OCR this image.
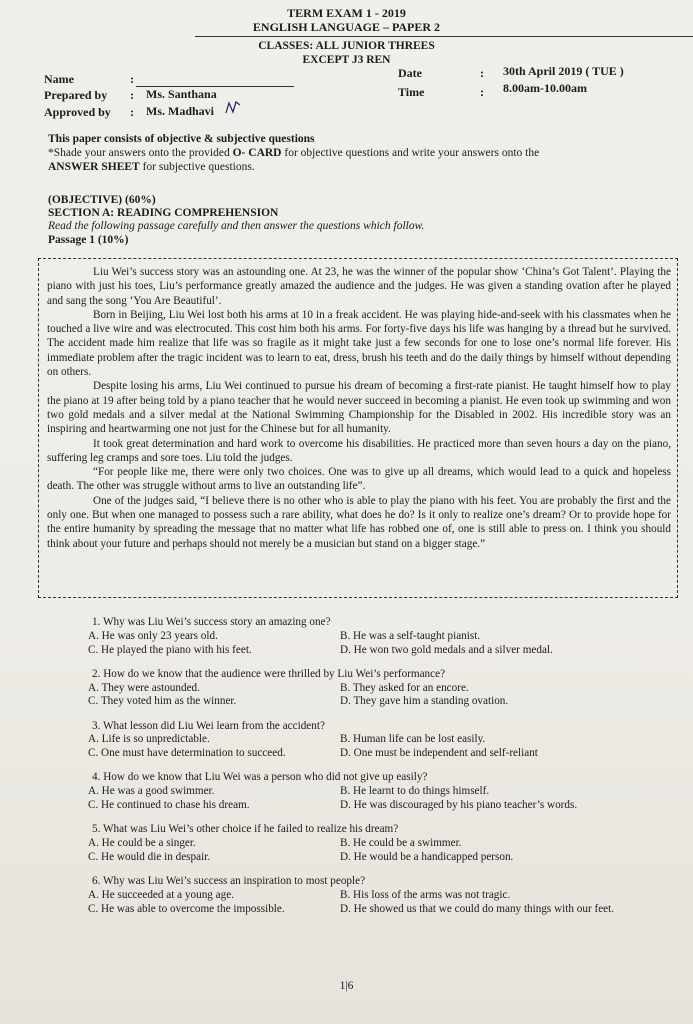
TERM EXAM 1 - 2019
ENGLISH LANGUAGE – PAPER 2
CLASSES: ALL JUNIOR THREES
EXCEPT J3 REN
Name	:
Prepared by : Ms. Santhana
Approved by : Ms. Madhavi
Date	: 30th April 2019 ( TUE )
Time	: 8.00am-10.00am
This paper consists of objective & subjective questions
*Shade your answers onto the provided O- CARD for objective questions and write your answers onto the
ANSWER SHEET for subjective questions.
(OBJECTIVE) (60%)
SECTION A: READING COMPREHENSION
Read the following passage carefully and then answer the questions which follow.
Passage 1 (10%)

Liu Wei’s success story was an astounding one. At 23, he was the winner of the popular show ‘China’s Got Talent’. Playing the piano with just his toes, Liu’s performance greatly amazed the audience and the judges. He was given a standing ovation after he played and sang the song ‘You Are Beautiful’.

Born in Beijing, Liu Wei lost both his arms at 10 in a freak accident. He was playing hide-and-seek with his classmates when he touched a live wire and was electrocuted. This cost him both his arms. For forty-five days his life was hanging by a thread but he survived. The accident made him realize that life was so fragile as it might take just a few seconds for one to lose one’s normal life forever. His immediate problem after the tragic incident was to learn to eat, dress, brush his teeth and do the daily things by himself without depending on others.

Despite losing his arms, Liu Wei continued to pursue his dream of becoming a first-rate pianist. He taught himself how to play the piano at 19 after being told by a piano teacher that he would never succeed in becoming a pianist. He even took up swimming and won two gold medals and a silver medal at the National Swimming Championship for the Disabled in 2002. His incredible story was an inspiring and heartwarming one not just for the Chinese but for all humanity.

It took great determination and hard work to overcome his disabilities. He practiced more than seven hours a day on the piano, suffering leg cramps and sore toes. Liu told the judges.

“For people like me, there were only two choices. One was to give up all dreams, which would lead to a quick and hopeless death. The other was struggle without arms to live an outstanding life”.

One of the judges said, “I believe there is no other who is able to play the piano with his feet. You are probably the first and the only one. But when one managed to possess such a rare ability, what does he do? Is it only to realize one’s dream? Or to provide hope for the entire humanity by spreading the message that no matter what life has robbed one of, one is still able to press on. I think you should think about your future and perhaps should not merely be a musician but stand on a bigger stage.”

1. Why was Liu Wei’s success story an amazing one?
A. He was only 23 years old.	B. He was a self-taught pianist.
C. He played the piano with his feet.	D. He won two gold medals and a silver medal.
2. How do we know that the audience were thrilled by Liu Wei’s performance?
A. They were astounded.	B. They asked for an encore.
C. They voted him as the winner.	D. They gave him a standing ovation.
3. What lesson did Liu Wei learn from the accident?
A. Life is so unpredictable.	B. Human life can be lost easily.
C. One must have determination to succeed.	D. One must be independent and self-reliant
4. How do we know that Liu Wei was a person who did not give up easily?
A. He was a good swimmer.	B. He learnt to do things himself.
C. He continued to chase his dream.	D. He was discouraged by his piano teacher’s words.
5. What was Liu Wei’s other choice if he failed to realize his dream?
A. He could be a singer.	B. He could be a swimmer.
C. He would die in despair.	D. He would be a handicapped person.
6. Why was Liu Wei’s success an inspiration to most people?
A. He succeeded at a young age.	B. His loss of the arms was not tragic.
C. He was able to overcome the impossible.	D. He showed us that we could do many things with our feet.
1|6
